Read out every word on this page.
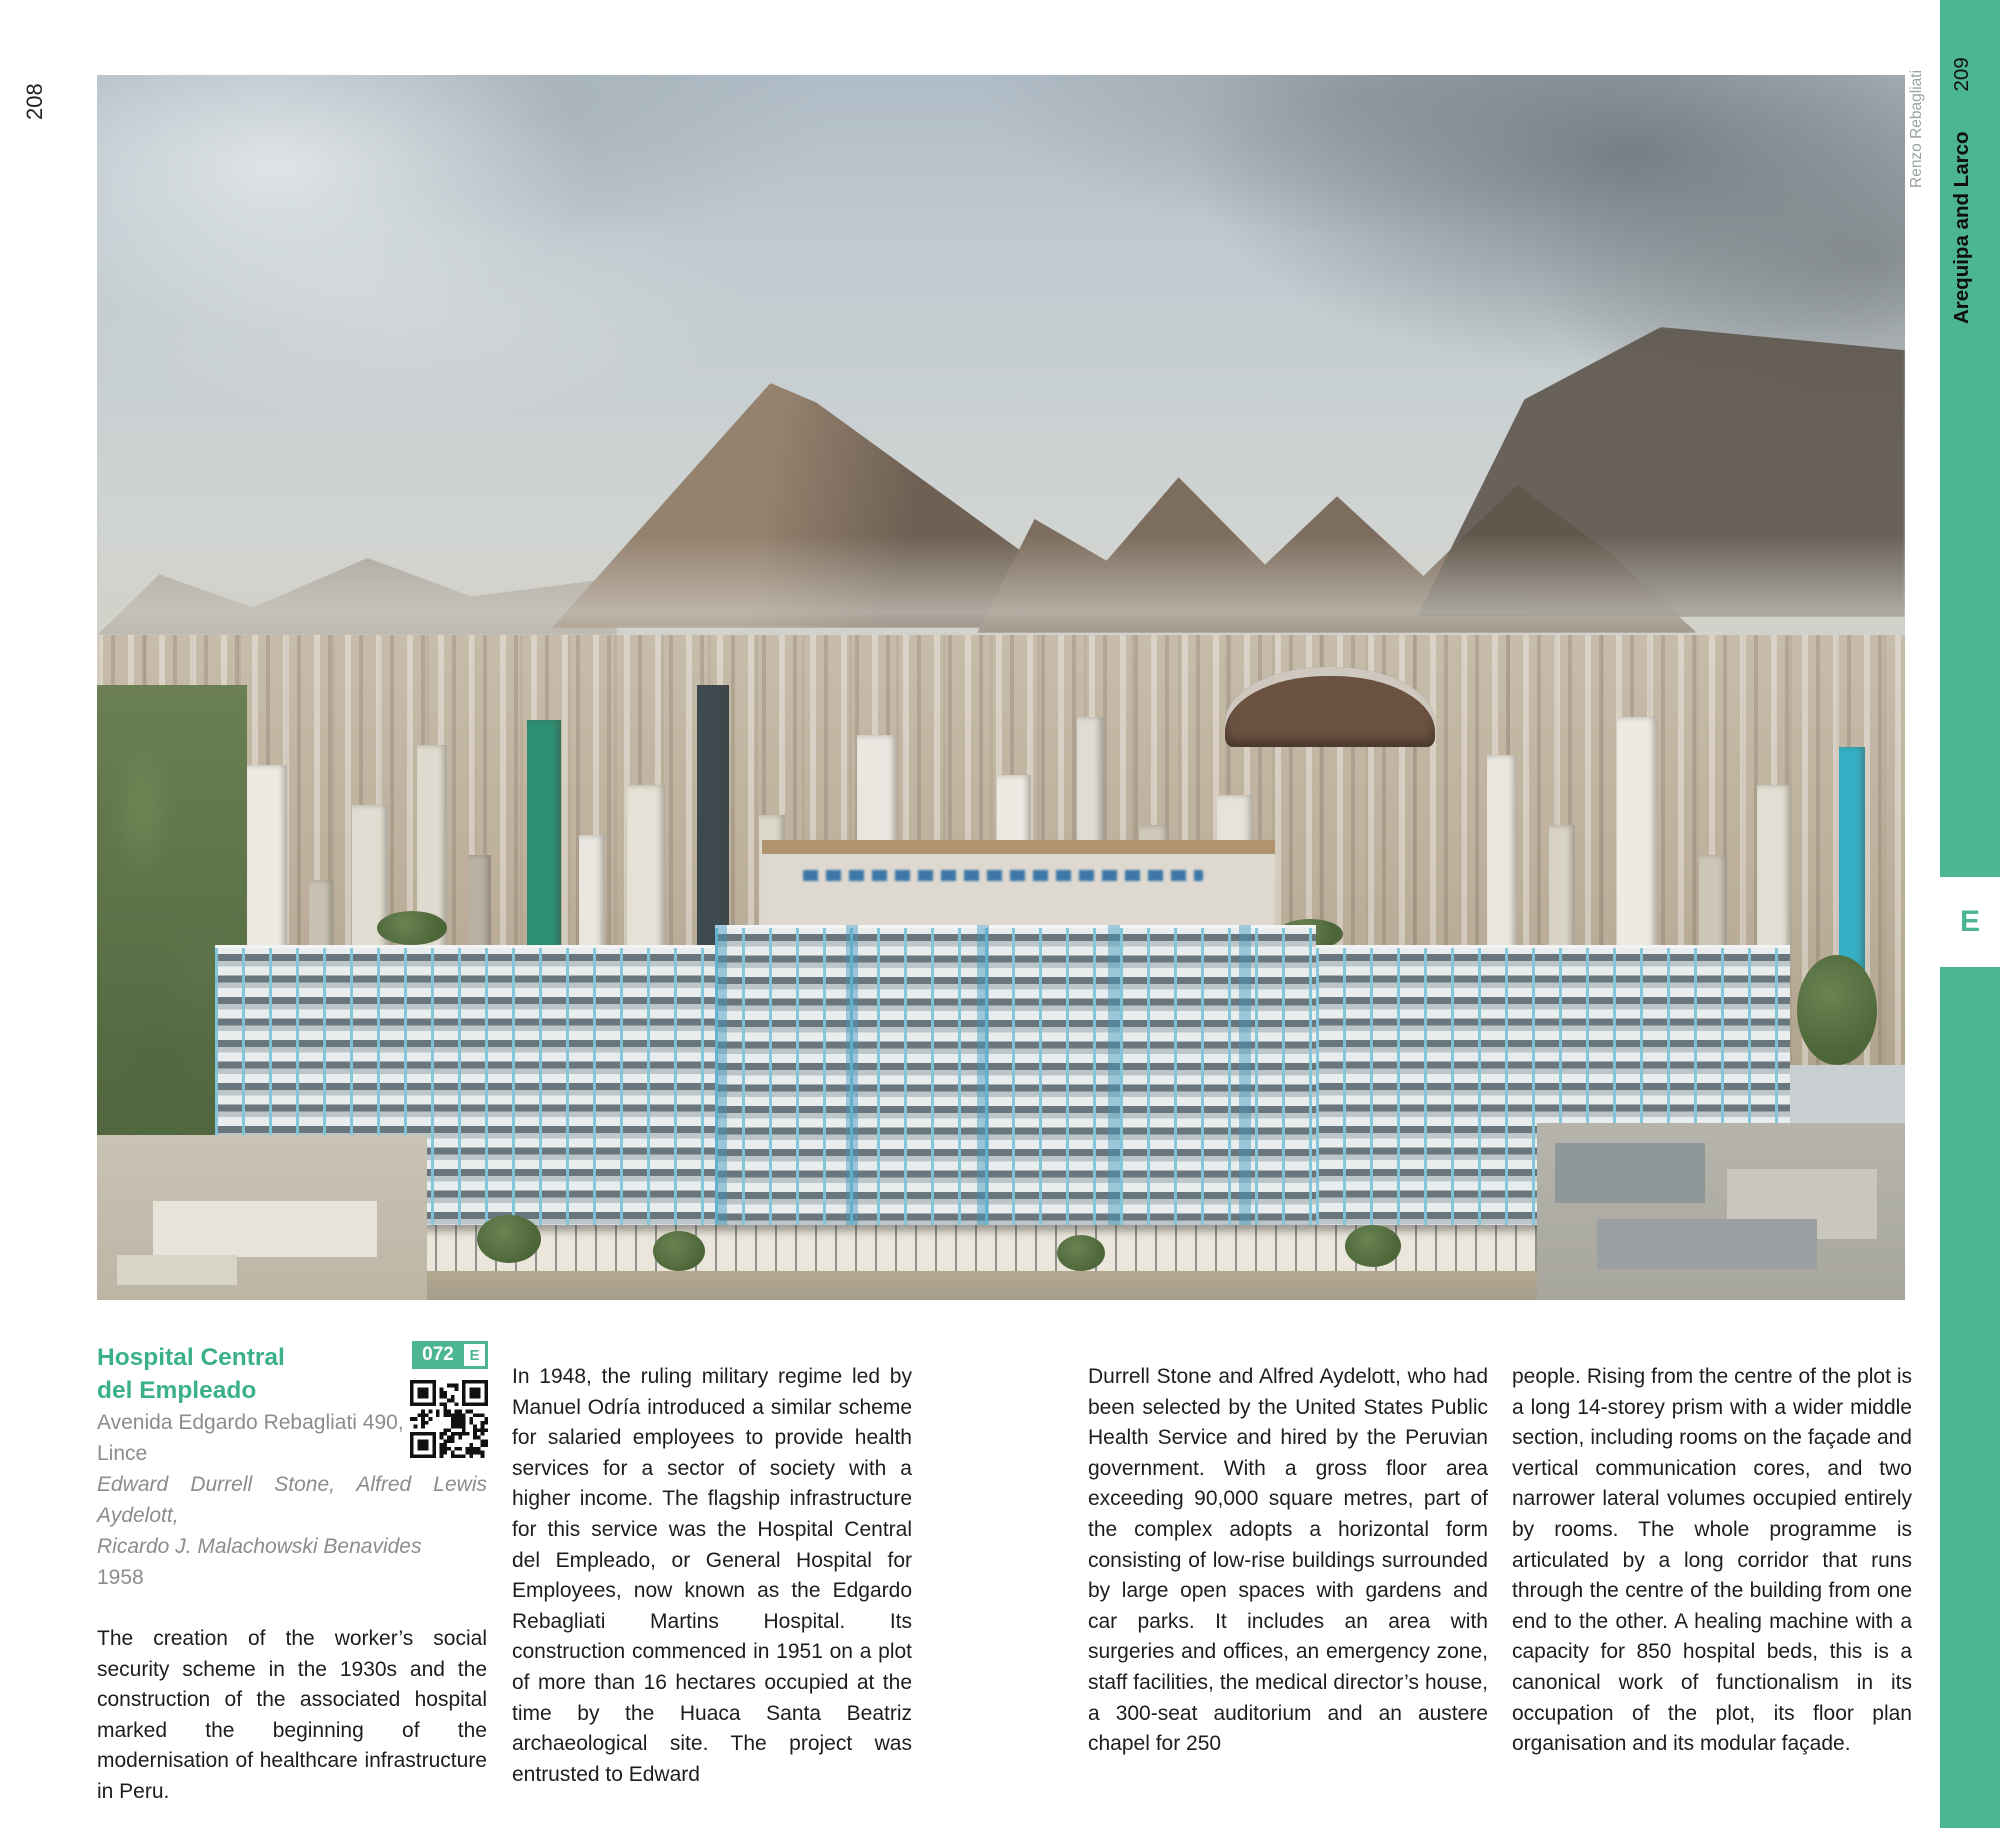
208	Renzo Rebagliati
Arequipa and Larco209
E
Hospital Central
del Empleado
Avenida Edgardo Rebagliati 490,
Lince
Edward Durrell Stone, Alfred Lewis Aydelott,
Ricardo J. Malachowski Benavides
1958

The creation of the worker’s social security scheme in the 1930s and the construction of the associated hospital marked the beginning of the modernisation of healthcare infrastructure in Peru.

072	E

In 1948, the ruling military regime led by Manuel Odría introduced a similar scheme for salaried employees to provide health services for a sector of society with a higher income. The flagship infrastructure for this service was the Hospital Central del Empleado, or General Hospital for Employees, now known as the Edgardo Rebagliati Martins Hospital. Its construction commenced in 1951 on a plot of more than 16 hectares occupied at the time by the Huaca Santa Beatriz archaeological site. The project was entrusted to Edward

Durrell Stone and Alfred Aydelott, who had been selected by the United States Public Health Service and hired by the Peruvian government. With a gross floor area exceeding 90,000 square metres, part of the complex adopts a horizontal form consisting of low-rise buildings surrounded by large open spaces with gardens and car parks. It includes an area with surgeries and offices, an emergency zone, staff facilities, the medical director’s house, a 300-seat auditorium and an austere chapel for 250

people. Rising from the centre of the plot is a long 14-storey prism with a wider middle section, including rooms on the façade and vertical communication cores, and two narrower lateral volumes occupied entirely by rooms. The whole programme is articulated by a long corridor that runs through the centre of the building from one end to the other. A healing machine with a capacity for 850 hospital beds, this is a canonical work of functionalism in its occupation of the plot, its floor plan organisation and its modular façade.
